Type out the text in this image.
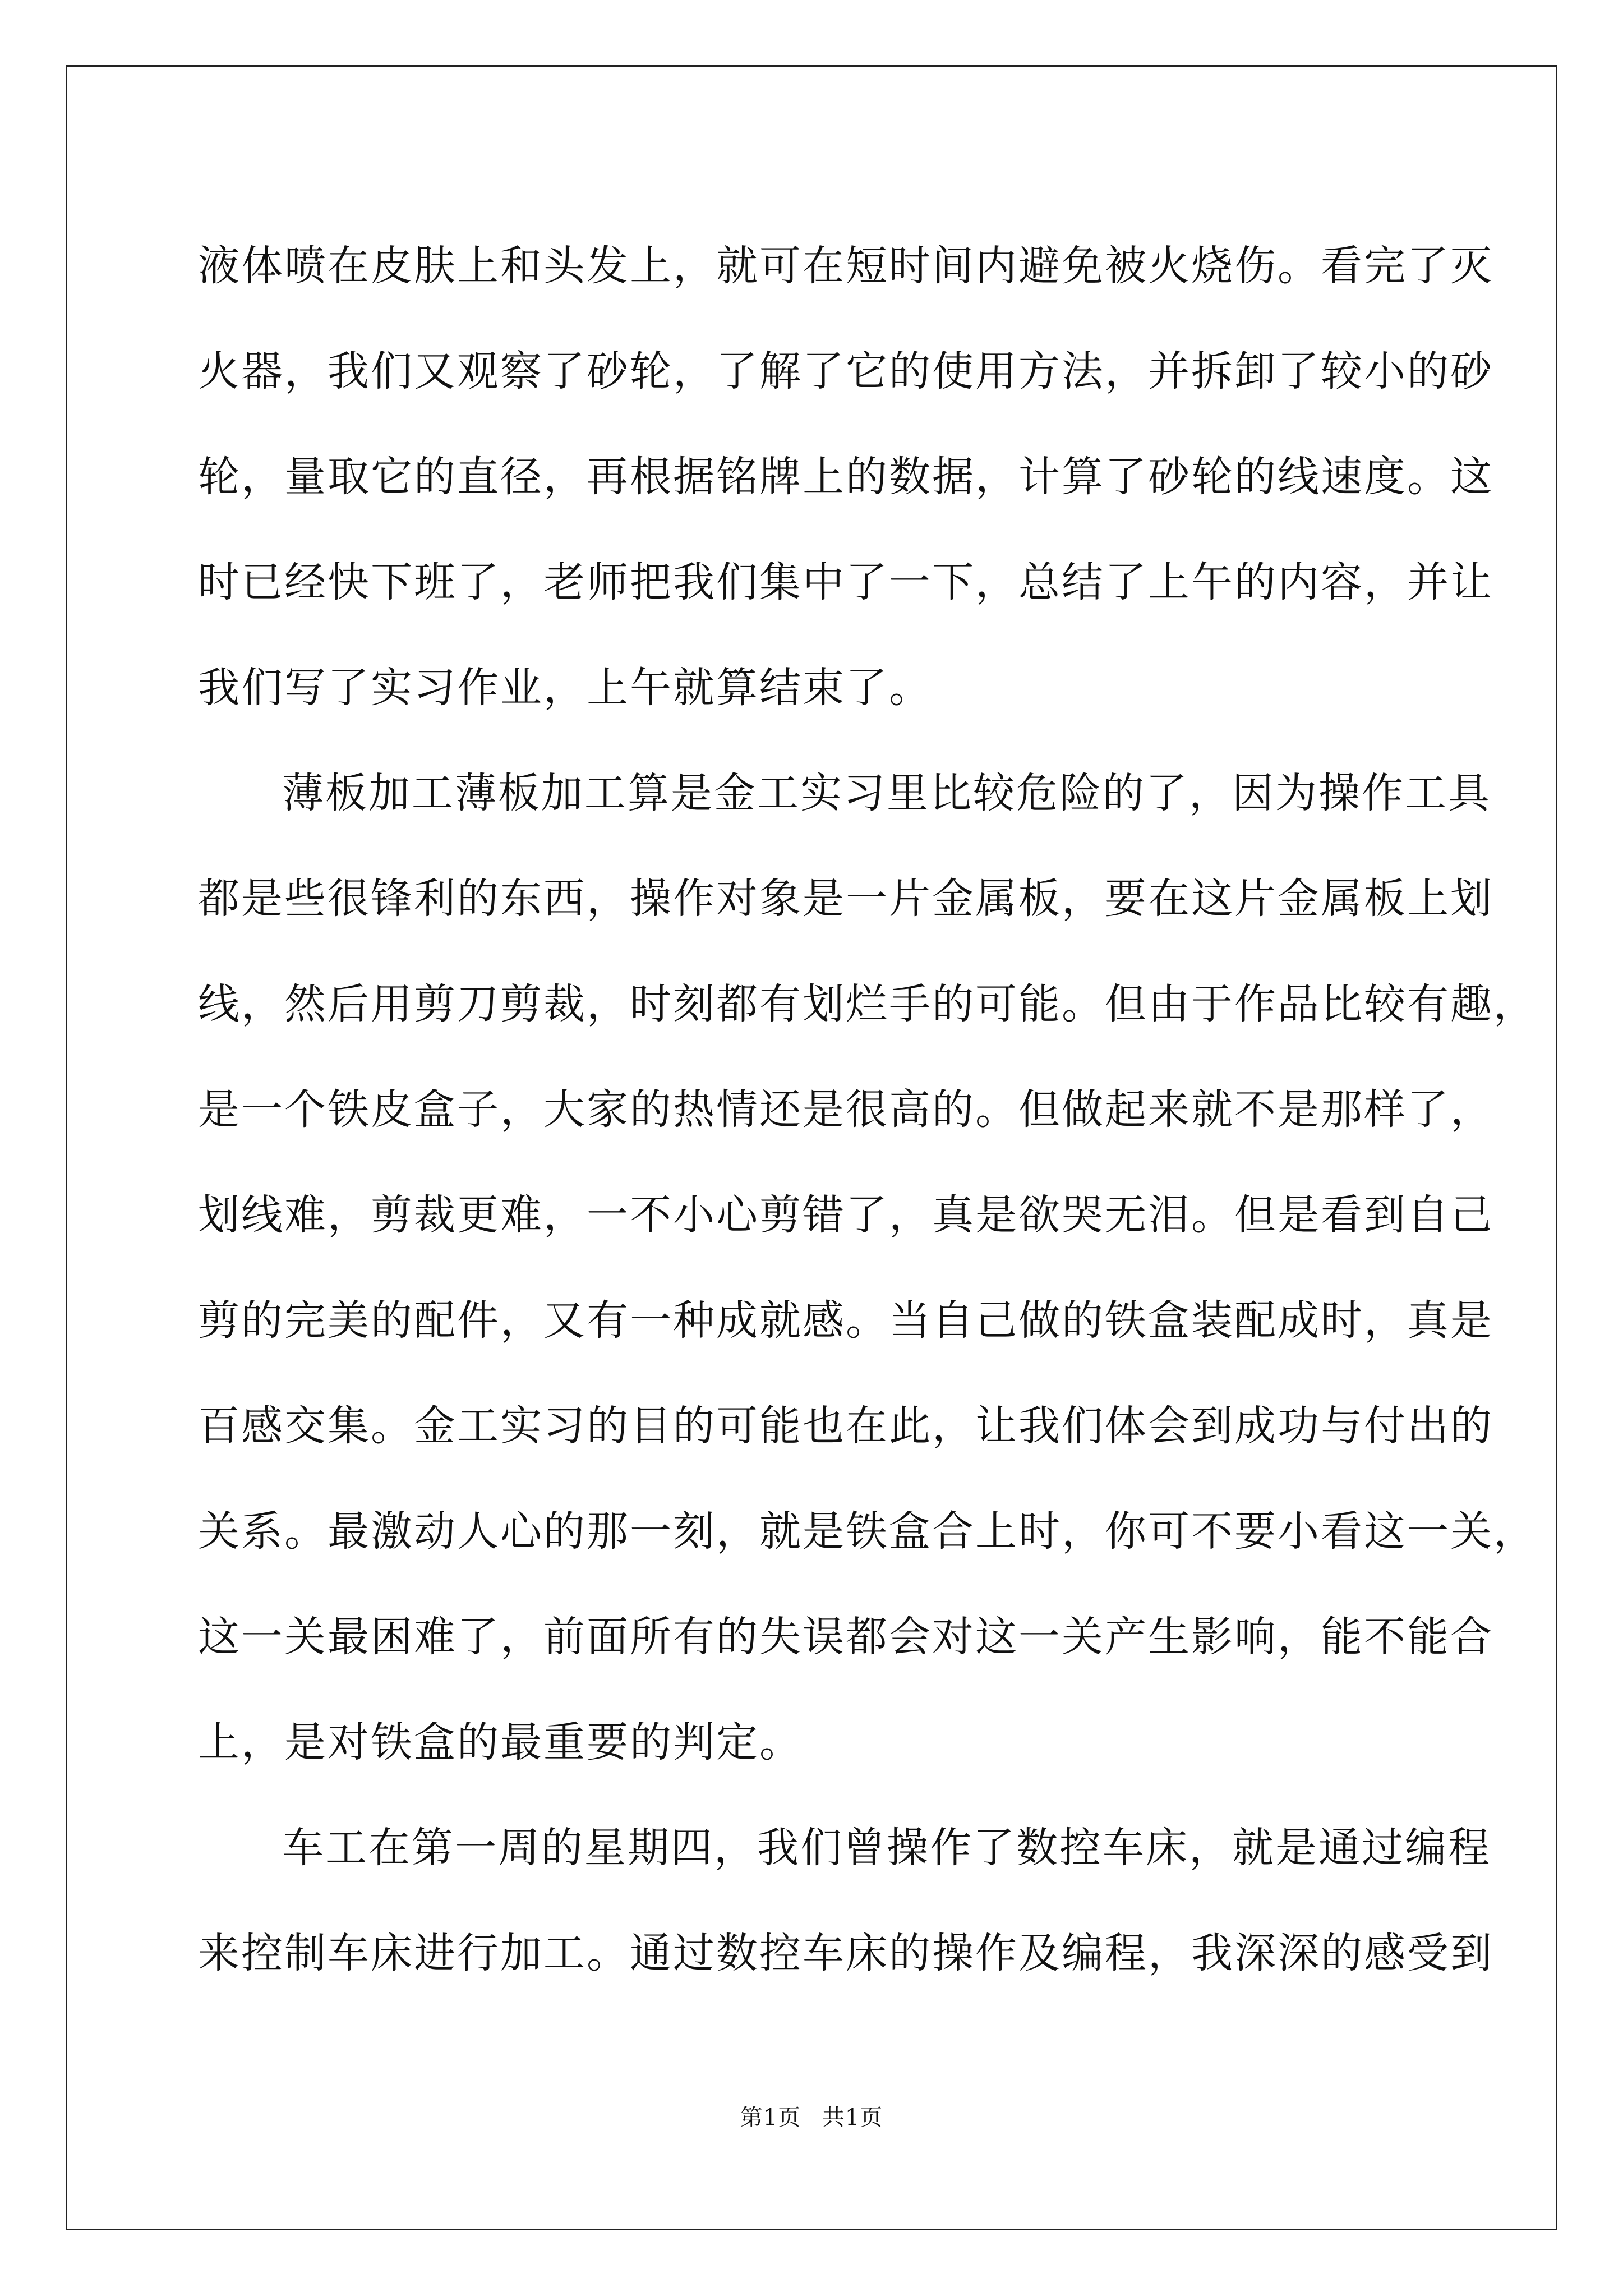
液体喷在皮肤上和头发上，就可在短时间内避免被火烧伤。看完了灭
火器，我们又观察了砂轮，了解了它的使用方法，并拆卸了较小的砂
轮，量取它的直径，再根据铭牌上的数据，计算了砂轮的线速度。这
时已经快下班了，老师把我们集中了一下，总结了上午的内容，并让
我们写了实习作业，上午就算结束了。

薄板加工薄板加工算是金工实习里比较危险的了，因为操作工具
都是些很锋利的东西，操作对象是一片金属板，要在这片金属板上划
线，然后用剪刀剪裁，时刻都有划烂手的可能。但由于作品比较有趣，
是一个铁皮盒子，大家的热情还是很高的。但做起来就不是那样了，
划线难，剪裁更难，一不小心剪错了，真是欲哭无泪。但是看到自己
剪的完美的配件，又有一种成就感。当自己做的铁盒装配成时，真是
百感交集。金工实习的目的可能也在此，让我们体会到成功与付出的
关系。最激动人心的那一刻，就是铁盒合上时，你可不要小看这一关，
这一关最困难了，前面所有的失误都会对这一关产生影响，能不能合
上，是对铁盒的最重要的判定。

车工在第一周的星期四，我们曾操作了数控车床，就是通过编程
来控制车床进行加工。通过数控车床的操作及编程，我深深的感受到

第1页 共1页
